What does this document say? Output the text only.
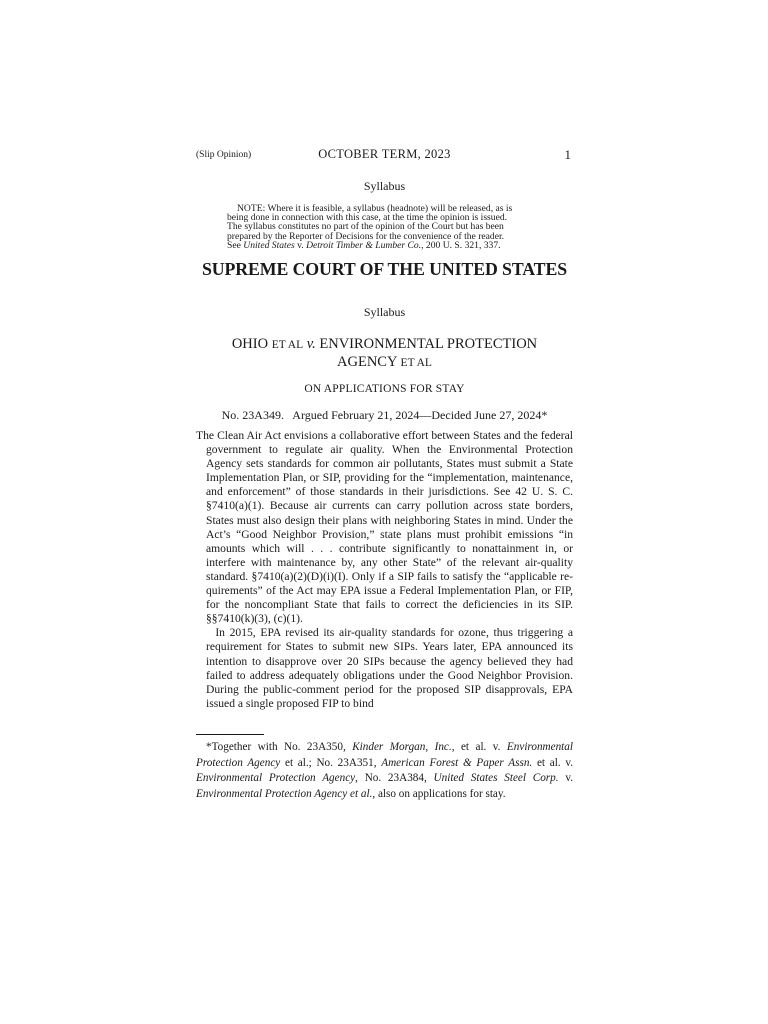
(Slip Opinion)	OCTOBER TERM, 2023	1
Syllabus
NOTE: Where it is feasible, a syllabus (headnote) will be released, as is
being done in connection with this case, at the time the opinion is issued.
The syllabus constitutes no part of the opinion of the Court but has been
prepared by the Reporter of Decisions for the convenience of the reader.
See United States v. Detroit Timber & Lumber Co., 200 U. S. 321, 337.
SUPREME COURT OF THE UNITED STATES
Syllabus
OHIO ET AL v. ENVIRONMENTAL PROTECTION
AGENCY ET AL
ON APPLICATIONS FOR STAY
No. 23A349.   Argued February 21, 2024—Decided June 27, 2024*

The Clean Air Act envisions a collaborative effort between States and the federal government to regulate air quality. When the Environmental Protection Agency sets standards for common air pollutants, States must submit a State Implementation Plan, or SIP, providing for the “implementation, maintenance, and enforcement” of those standards in their jurisdictions. See 42 U. S. C. §7410(a)(1). Because air currents can carry pollution across state borders, States must also design their plans with neighboring States in mind. Under the Act’s “Good Neighbor Provision,” state plans must prohibit emissions “in amounts which will . . . contribute significantly to nonattainment in, or interfere with maintenance by, any other State” of the relevant air-quality standard. §7410(a)(2)(D)(i)(I). Only if a SIP fails to satisfy the “applicable requirements” of the Act may EPA issue a Federal Implementation Plan, or FIP, for the noncompliant State that fails to correct the deficiencies in its SIP. §§7410(k)(3), (c)(1).

In 2015, EPA revised its air-quality standards for ozone, thus triggering a requirement for States to submit new SIPs. Years later, EPA announced its intention to disapprove over 20 SIPs because the agency believed they had failed to address adequately obligations under the Good Neighbor Provision. During the public-comment period for the proposed SIP disapprovals, EPA issued a single proposed FIP to bind

*Together with No. 23A350, Kinder Morgan, Inc., et al. v. Environmental Protection Agency et al.; No. 23A351, American Forest & Paper Assn. et al. v. Environmental Protection Agency, No. 23A384, United States Steel Corp. v. Environmental Protection Agency et al., also on applications for stay.
